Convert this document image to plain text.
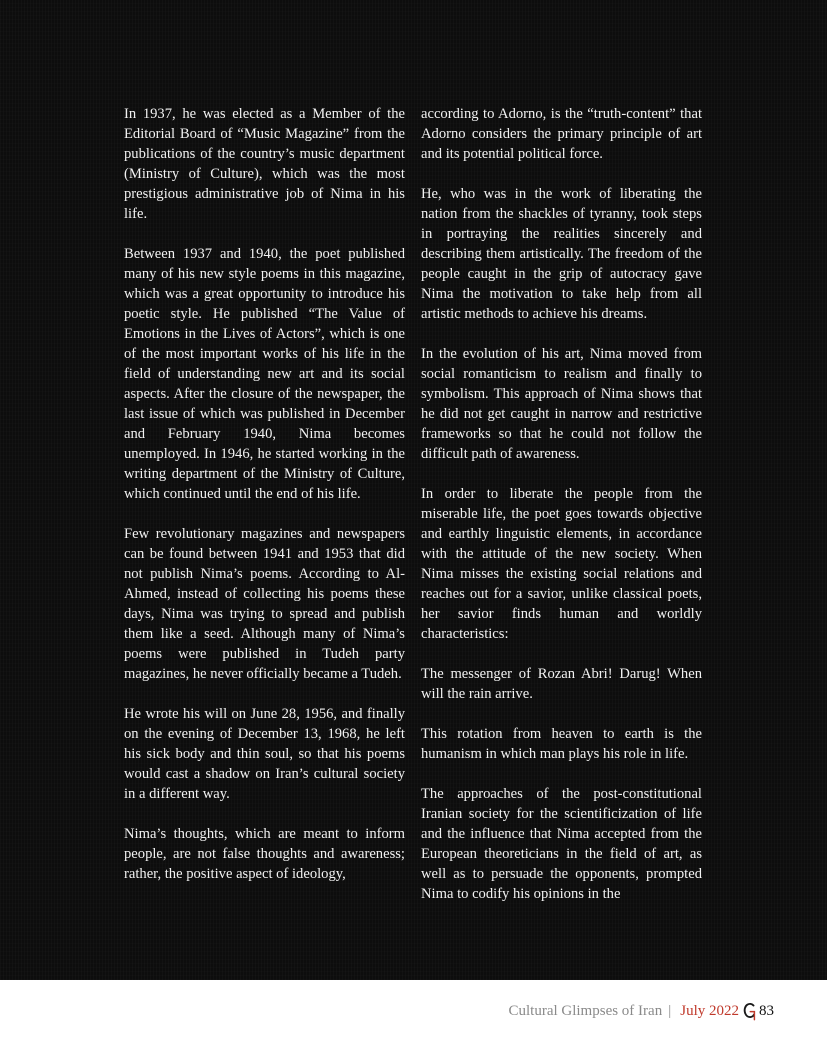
In 1937, he was elected as a Member of the Editorial Board of “Music Magazine” from the publications of the country’s music department (Ministry of Culture), which was the most prestigious administrative job of Nima in his life.

Between 1937 and 1940, the poet published many of his new style poems in this magazine, which was a great opportunity to introduce his poetic style. He published “The Value of Emotions in the Lives of Actors”, which is one of the most important works of his life in the field of understanding new art and its social aspects. After the closure of the newspaper, the last issue of which was published in December and February 1940, Nima becomes unemployed. In 1946, he started working in the writing department of the Ministry of Culture, which continued until the end of his life.

Few revolutionary magazines and newspapers can be found between 1941 and 1953 that did not publish Nima’s poems. According to Al-Ahmed, instead of collecting his poems these days, Nima was trying to spread and publish them like a seed. Although many of Nima’s poems were published in Tudeh party magazines, he never officially became a Tudeh.

He wrote his will on June 28, 1956, and finally on the evening of December 13, 1968, he left his sick body and thin soul, so that his poems would cast a shadow on Iran’s cultural society in a different way.

Nima’s thoughts, which are meant to inform people, are not false thoughts and awareness; rather, the positive aspect of ideology,

according to Adorno, is the “truth-content” that Adorno considers the primary principle of art and its potential political force.

He, who was in the work of liberating the nation from the shackles of tyranny, took steps in portraying the realities sincerely and describing them artistically. The freedom of the people caught in the grip of autocracy gave Nima the motivation to take help from all artistic methods to achieve his dreams.

In the evolution of his art, Nima moved from social romanticism to realism and finally to symbolism. This approach of Nima shows that he did not get caught in narrow and restrictive frameworks so that he could not follow the difficult path of awareness.

In order to liberate the people from the miserable life, the poet goes towards objective and earthly linguistic elements, in accordance with the attitude of the new society. When Nima misses the existing social relations and reaches out for a savior, unlike classical poets, her savior finds human and worldly characteristics:

The messenger of Rozan Abri! Darug! When will the rain arrive.

This rotation from heaven to earth is the humanism in which man plays his role in life.

The approaches of the post-constitutional Iranian society for the scientificization of life and the influence that Nima accepted from the European theoreticians in the field of art, as well as to persuade the opponents, prompted Nima to codify his opinions in the

Cultural Glimpses of Iran | July 2022 83
